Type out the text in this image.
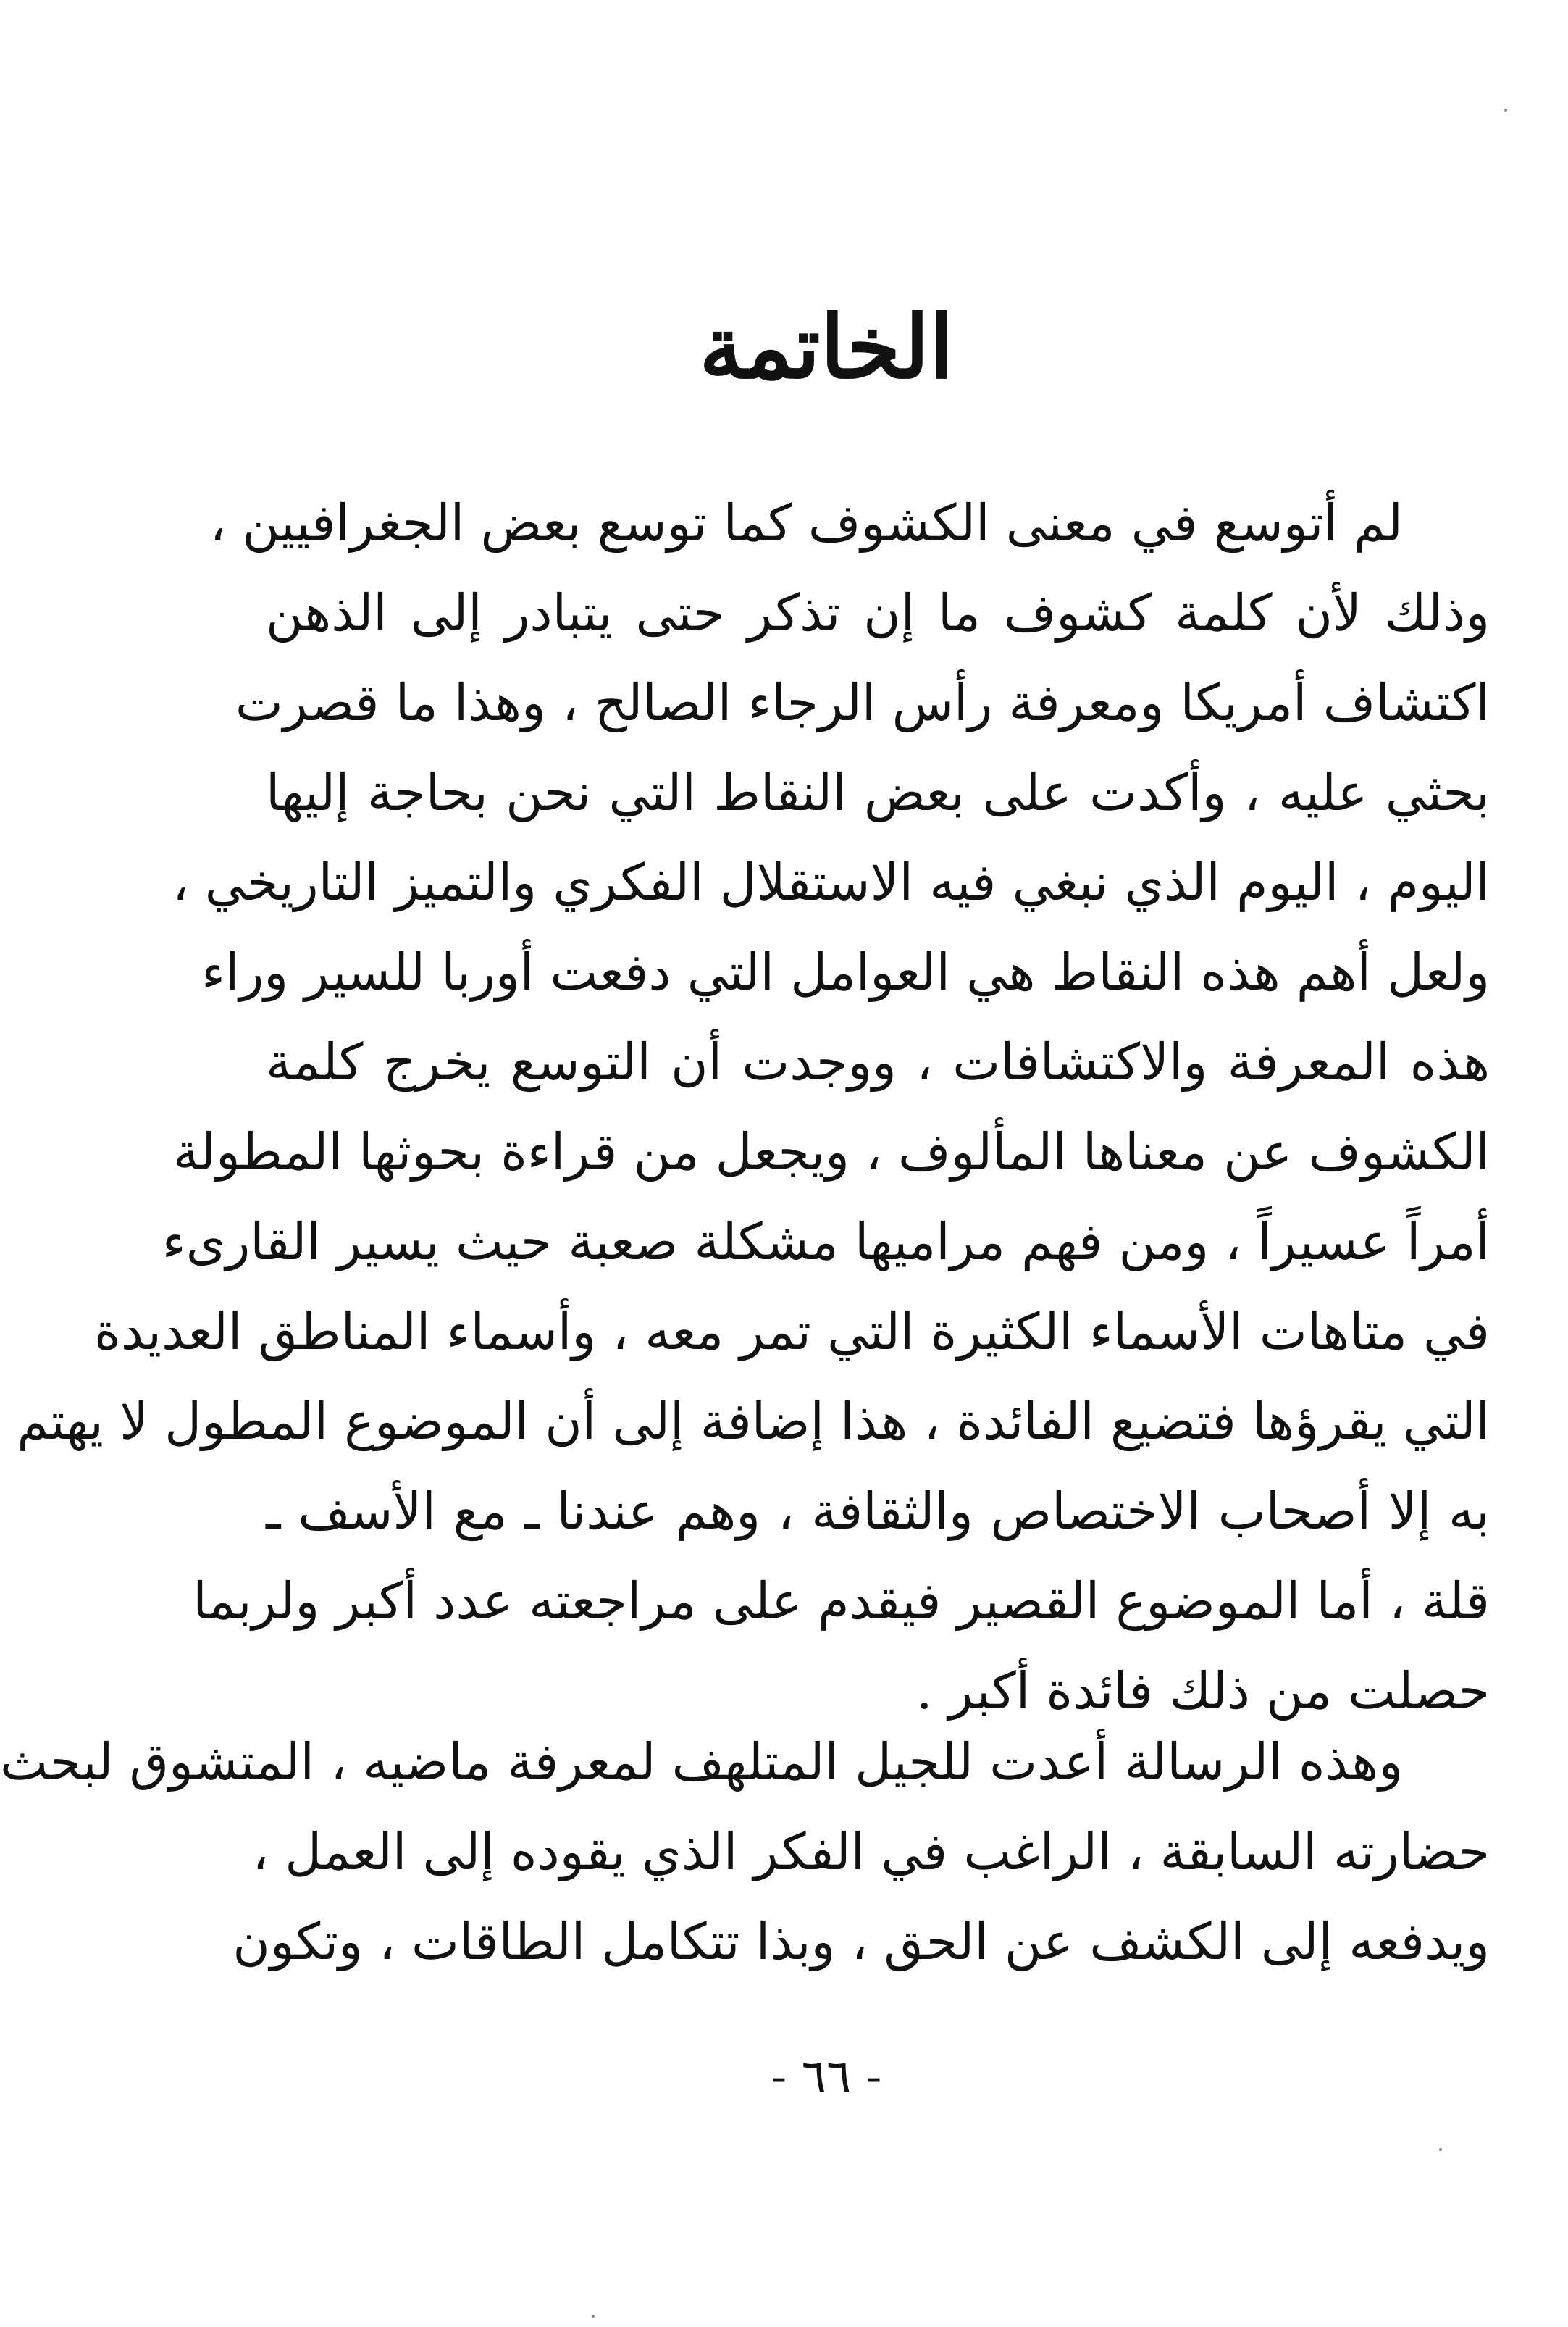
الخاتمة
لم أتوسع في معنى الكشوف كما توسع بعض الجغرافيين ،
وذلك لأن كلمة كشوف ما إن تذكر حتى يتبادر إلى الذهن
اكتشاف أمريكا ومعرفة رأس الرجاء الصالح ، وهذا ما قصرت
بحثي عليه ، وأكدت على بعض النقاط التي نحن بحاجة إليها
اليوم ، اليوم الذي نبغي فيه الاستقلال الفكري والتميز التاريخي ،
ولعل أهم هذه النقاط هي العوامل التي دفعت أوربا للسير وراء
هذه المعرفة والاكتشافات ، ووجدت أن التوسع يخرج كلمة
الكشوف عن معناها المألوف ، ويجعل من قراءة بحوثها المطولة
أمراً عسيراً ، ومن فهم مراميها مشكلة صعبة حيث يسير القارىء
في متاهات الأسماء الكثيرة التي تمر معه ، وأسماء المناطق العديدة
التي يقرؤها فتضيع الفائدة ، هذا إضافة إلى أن الموضوع المطول لا يهتم
به إلا أصحاب الاختصاص والثقافة ، وهم عندنا ـ مع الأسف ـ
قلة ، أما الموضوع القصير فيقدم على مراجعته عدد أكبر ولربما
حصلت من ذلك فائدة أكبر .
وهذه الرسالة أعدت للجيل المتلهف لمعرفة ماضيه ، المتشوق لبحث
حضارته السابقة ، الراغب في الفكر الذي يقوده إلى العمل ،
ويدفعه إلى الكشف عن الحق ، وبذا تتكامل الطاقات ، وتكون
- ٦٦ -
